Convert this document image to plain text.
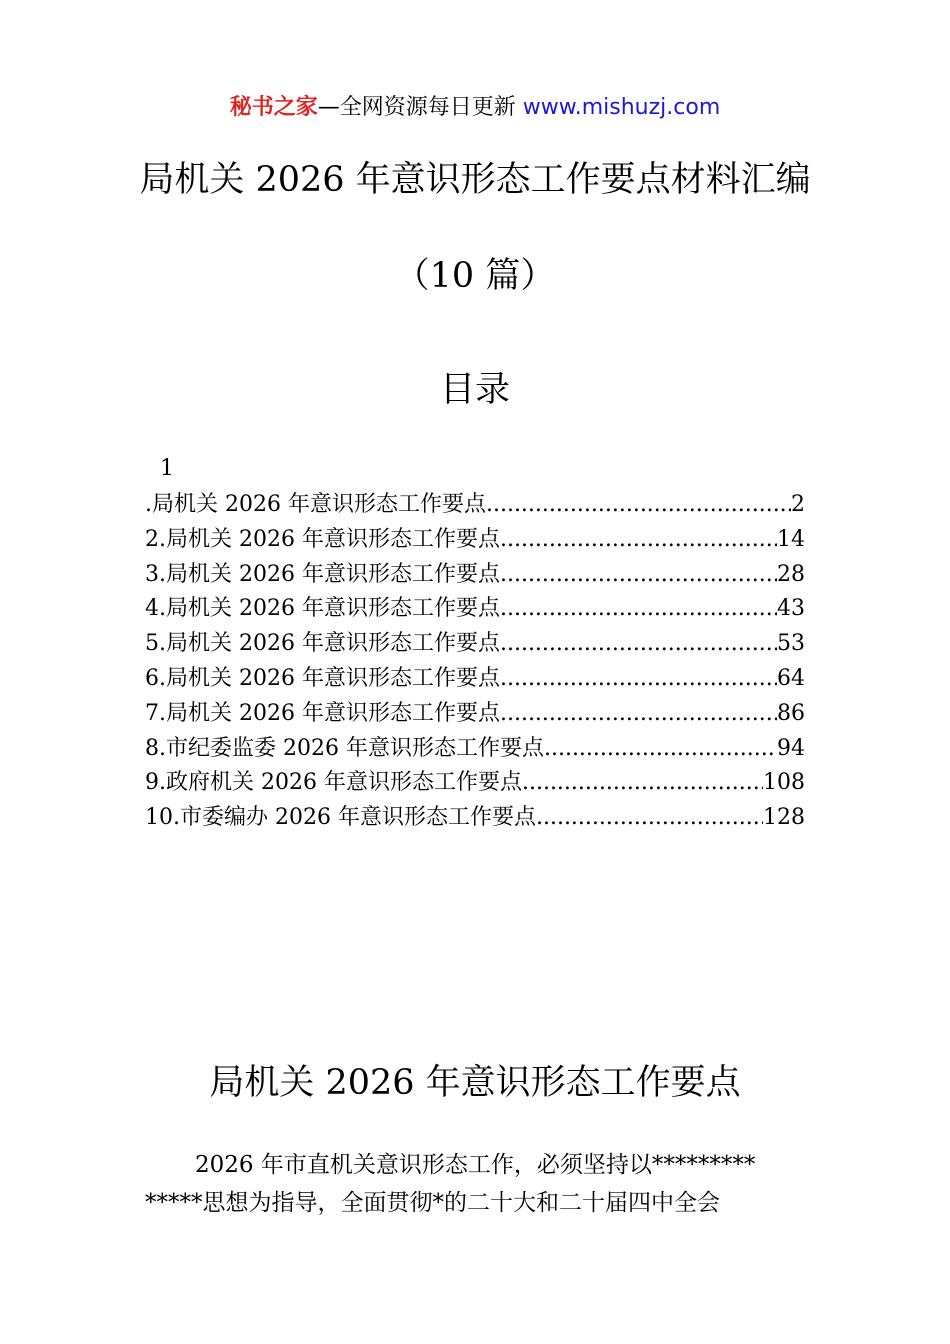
秘书之家—全网资源每日更新 www.mishuzj.com
局机关 2026 年意识形态工作要点材料汇编
（10 篇）
目录
1
.局机关 2026 年意识形态工作要点 .....	2
2.局机关 2026 年意识形态工作要点 .....	14
3.局机关 2026 年意识形态工作要点 .....	28
4.局机关 2026 年意识形态工作要点 .....	43
5.局机关 2026 年意识形态工作要点 .....	53
6.局机关 2026 年意识形态工作要点 .....	64
7.局机关 2026 年意识形态工作要点 .....	86
8.市纪委监委 2026 年意识形态工作要点 .....	94
9.政府机关 2026 年意识形态工作要点 .....	108
10.市委编办 2026 年意识形态工作要点 .....	128
局机关 2026 年意识形态工作要点
2026 年市直机关意识形态工作，必须坚持以*********
*****思想为指导，全面贯彻*的二十大和二十届四中全会
